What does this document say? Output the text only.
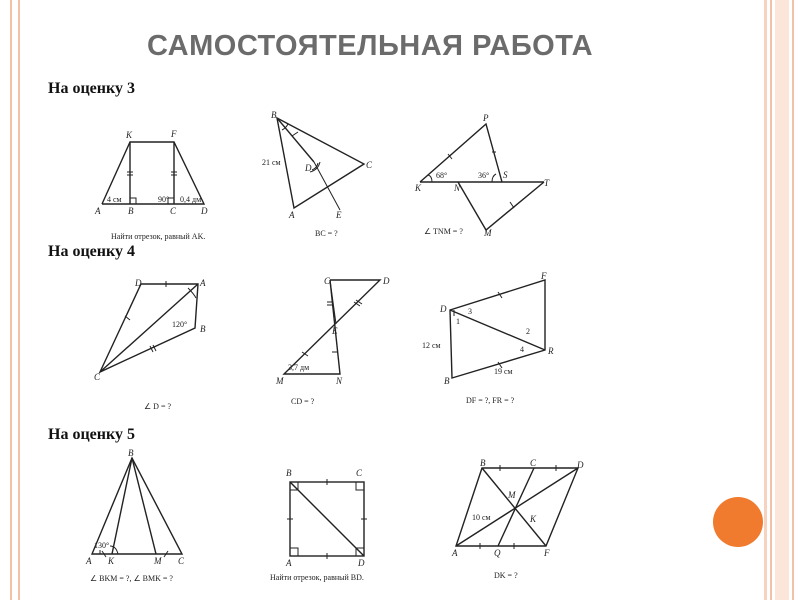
САМОСТОЯТЕЛЬНАЯ РАБОТА
На оценку 3
На оценку 4
На оценку 5
K	F
A	B	C	D
4 см	90° 0,4 дм
Найти отрезок, равный AK.
B
C
D
A	E
21 см
BC = ?
P
K	N
S
T
M
68°	36°
∠ TNM = ?
D	A
B
C
120°
∠ D = ?
C	D
E
M	N
3,7 дм
CD = ?
D
F
B
R
1
3
2
4
12 см
19 см
DF = ?, FR = ?
B
A K	M C
130°
∠ BKM = ?, ∠ BMK = ?
B	C
A	D
Найти отрезок, равный BD.
B	C	D
M
K
A	Q	F
10 см
DK = ?
